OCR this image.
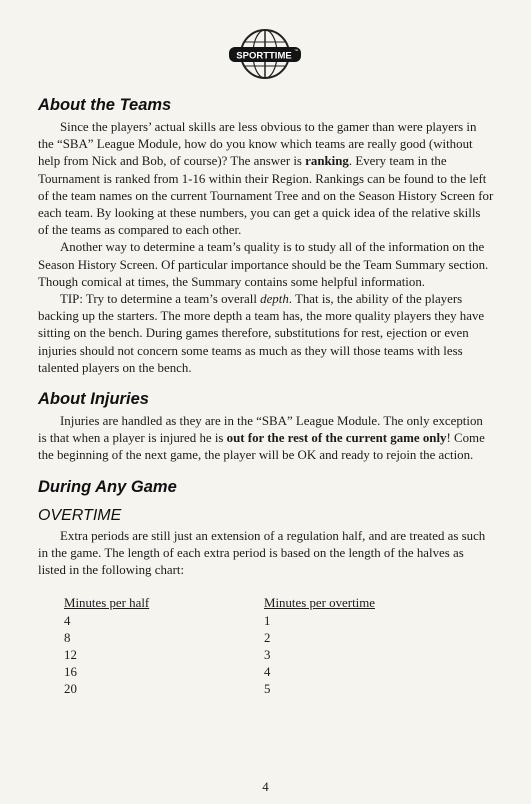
SPORTTIME ™
About the Teams

Since the players’ actual skills are less obvious to the gamer than were players in the “SBA” League Module, how do you know which teams are really good (without help from Nick and Bob, of course)? The answer is ranking. Every team in the Tournament is ranked from 1-16 within their Region. Rankings can be found to the left of the team names on the current Tournament Tree and on the Season History Screen for each team. By looking at these numbers, you can get a quick idea of the relative skills of the teams as compared to each other.

Another way to determine a team’s quality is to study all of the information on the Season History Screen. Of particular importance should be the Team Summary section. Though comical at times, the Summary contains some helpful information.

TIP: Try to determine a team’s overall depth. That is, the ability of the players backing up the starters. The more depth a team has, the more quality players they have sitting on the bench. During games therefore, substitutions for rest, ejection or even injuries should not concern some teams as much as they will those teams with less talented players on the bench.

About Injuries

Injuries are handled as they are in the “SBA” League Module. The only exception is that when a player is injured he is out for the rest of the current game only! Come the beginning of the next game, the player will be OK and ready to rejoin the action.

During Any Game
OVERTIME

Extra periods are still just an extension of a regulation half, and are treated as such in the game. The length of each extra period is based on the length of the halves as listed in the following chart:

Minutes per half	Minutes per overtime
4	1
8	2
12	3
16	4
20	5
4
